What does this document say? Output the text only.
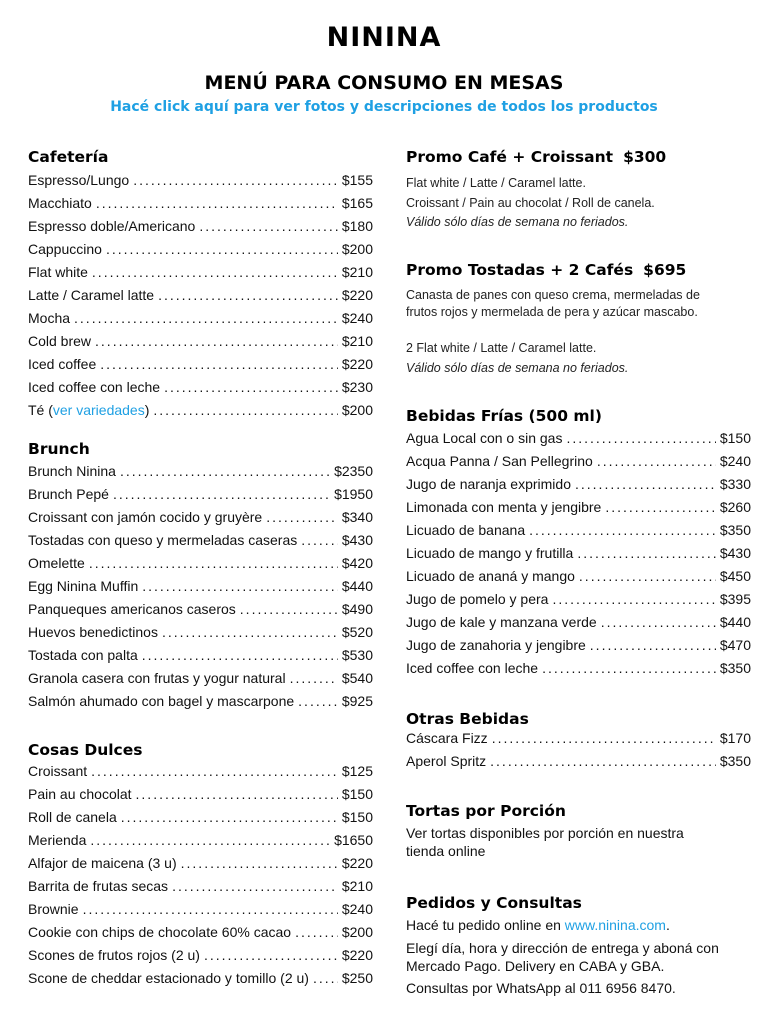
NININA
MENÚ PARA CONSUMO EN MESAS
Hacé click aquí para ver fotos y descripciones de todos los productos
Cafetería
Espresso/Lungo .....	$155
Macchiato .....	$165
Espresso doble/Americano .....	$180
Cappuccino .....	$200
Flat white .....	$210
Latte / Caramel latte .....	$220
Mocha .....	$240
Cold brew .....	$210
Iced coffee .....	$220
Iced coffee con leche .....	$230
Té (ver variedades) .....	$200
Brunch
Brunch Ninina .....	$2350
Brunch Pepé .....	$1950
Croissant con jamón cocido y gruyère .....	$340
Tostadas con queso y mermeladas caseras .....	$430
Omelette .....	$420
Egg Ninina Muffin .....	$440
Panqueques americanos caseros .....	$490
Huevos benedictinos .....	$520
Tostada con palta .....	$530
Granola casera con frutas y yogur natural .....	$540
Salmón ahumado con bagel y mascarpone .....	$925
Cosas Dulces
Croissant .....	$125
Pain au chocolat .....	$150
Roll de canela .....	$150
Merienda .....	$1650
Alfajor de maicena (3 u) .....	$220
Barrita de frutas secas .....	$210
Brownie .....	$240
Cookie con chips de chocolate 60% cacao .....	$200
Scones de frutos rojos (2 u) .....	$220
Scone de cheddar estacionado y tomillo (2 u) ..... $250
Promo Café + Croissant $300
Flat white / Latte / Caramel latte.
Croissant / Pain au chocolat / Roll de canela.
Válido sólo días de semana no feriados.
Promo Tostadas + 2 Cafés $695
Canasta de panes con queso crema, mermeladas de frutos rojos y mermelada de pera y azúcar mascabo.
2 Flat white / Latte / Caramel latte.
Válido sólo días de semana no feriados.
Bebidas Frías (500 ml)
Agua Local con o sin gas .....	$150
Acqua Panna / San Pellegrino .....	$240
Jugo de naranja exprimido .....	$330
Limonada con menta y jengibre .....	$260
Licuado de banana .....	$350
Licuado de mango y frutilla .....	$430
Licuado de ananá y mango .....	$450
Jugo de pomelo y pera .....	$395
Jugo de kale y manzana verde .....	$440
Jugo de zanahoria y jengibre .....	$470
Iced coffee con leche .....	$350
Otras Bebidas
Cáscara Fizz .....	$170
Aperol Spritz .....	$350
Tortas por Porción
Ver tortas disponibles por porción en nuestra tienda online
Pedidos y Consultas
Hacé tu pedido online en www.ninina.com.
Elegí día, hora y dirección de entrega y aboná con Mercado Pago. Delivery en CABA y GBA.
Consultas por WhatsApp al 011 6956 8470.
